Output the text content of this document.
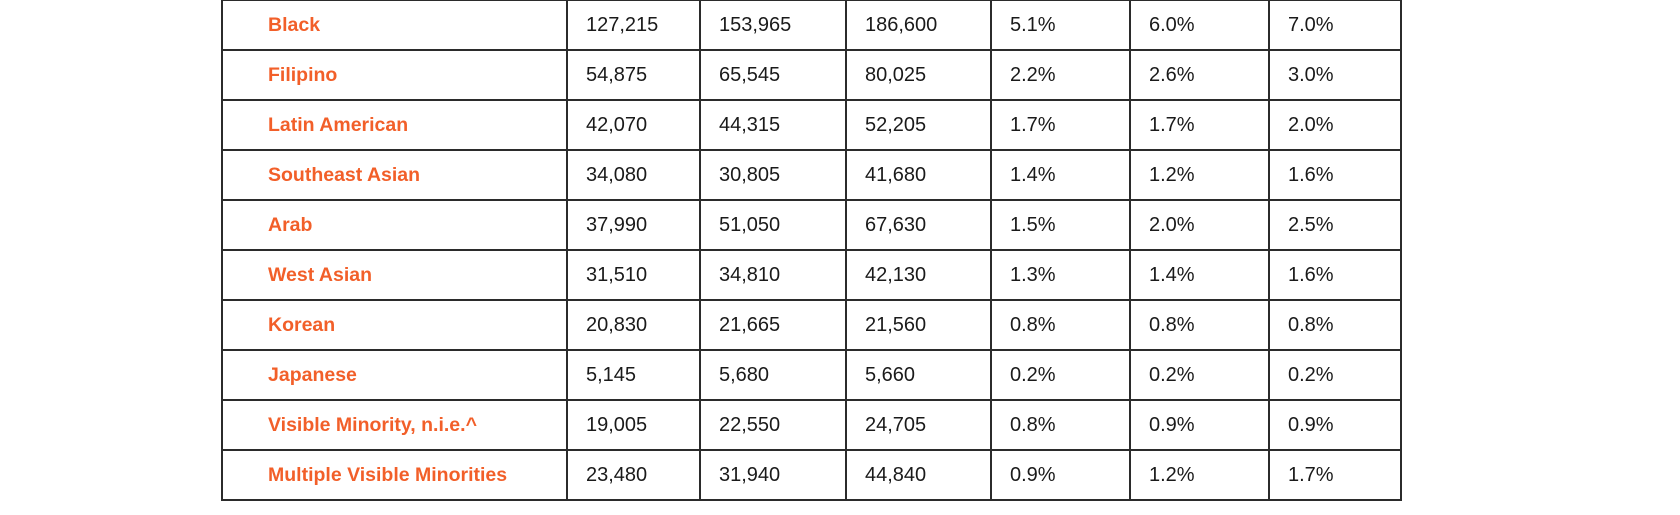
Black	127,215	153,965	186,600	5.1%	6.0%	7.0%
Filipino	54,875	65,545	80,025	2.2%	2.6%	3.0%
Latin American	42,070	44,315	52,205	1.7%	1.7%	2.0%
Southeast Asian	34,080	30,805	41,680	1.4%	1.2%	1.6%
Arab	37,990	51,050	67,630	1.5%	2.0%	2.5%
West Asian	31,510	34,810	42,130	1.3%	1.4%	1.6%
Korean	20,830	21,665	21,560	0.8%	0.8%	0.8%
Japanese	5,145	5,680	5,660	0.2%	0.2%	0.2%
Visible Minority, n.i.e.^	19,005	22,550	24,705	0.8%	0.9%	0.9%
Multiple Visible Minorities	23,480	31,940	44,840	0.9%	1.2%	1.7%
